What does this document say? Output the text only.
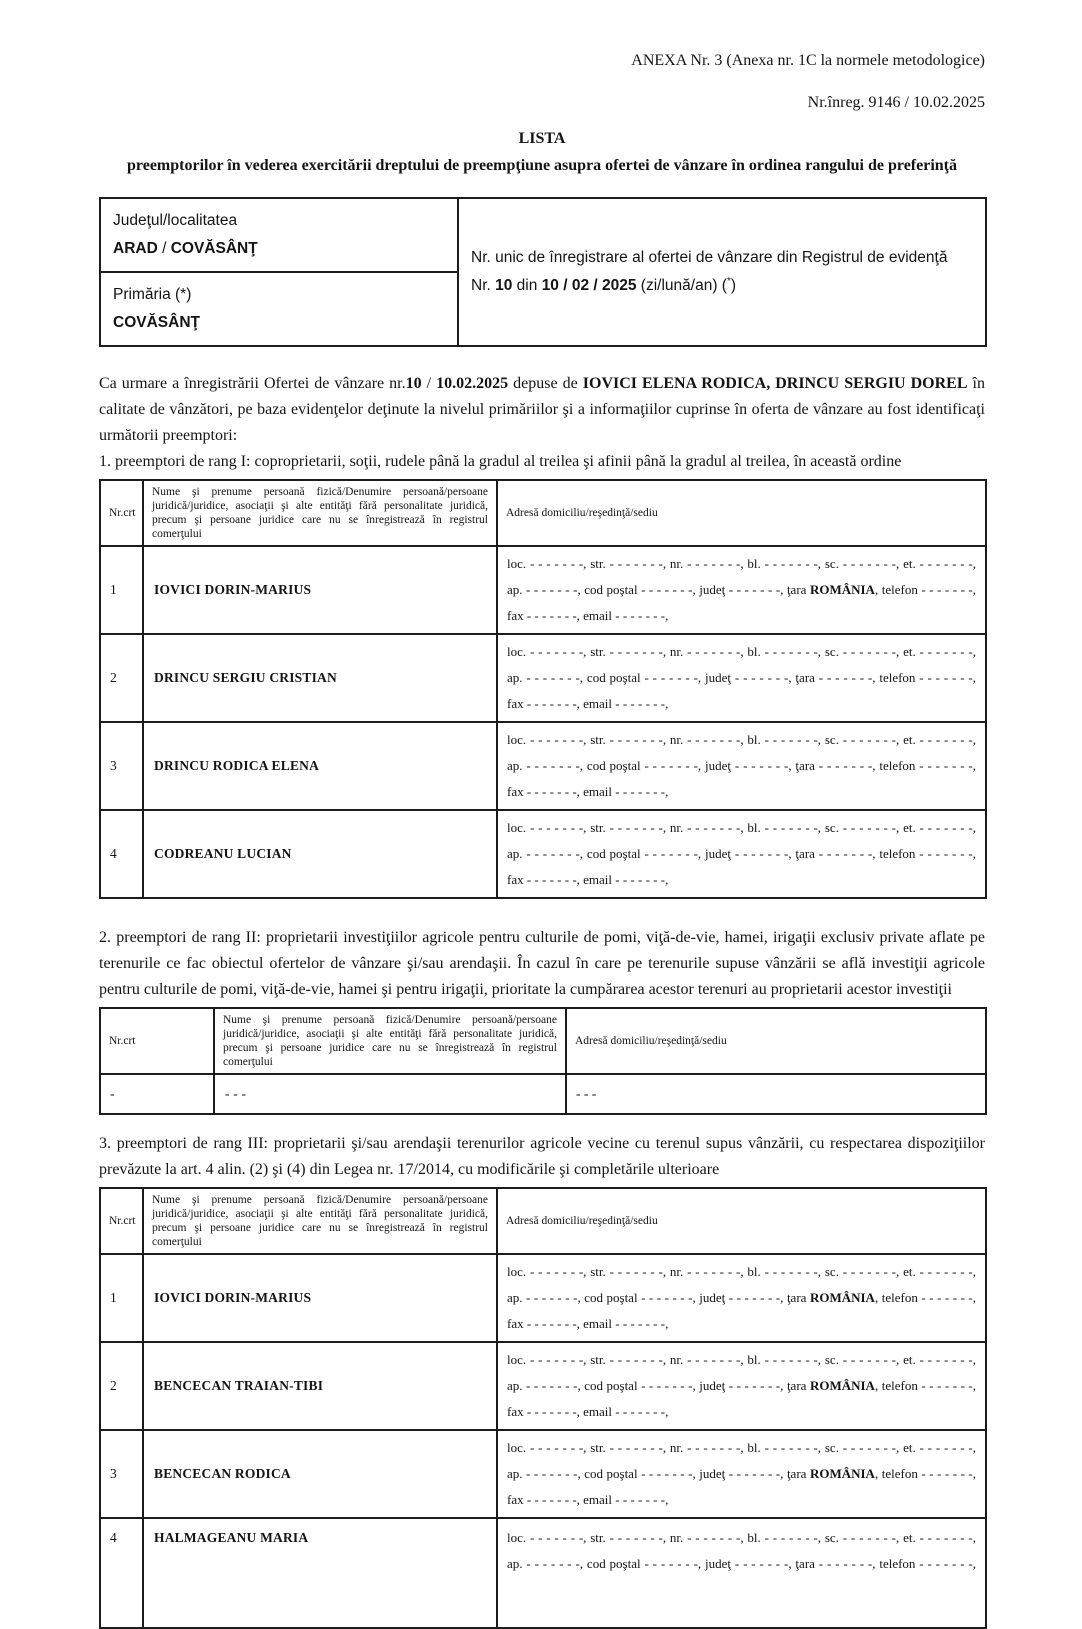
ANEXA Nr. 3 (Anexa nr. 1C la normele metodologice)

Nr.înreg. 9146 / 10.02.2025

LISTA

preemptorilor în vederea exercitării dreptului de preempţiune asupra ofertei de vânzare în ordinea rangului de preferinţă

Judeţul/localitatea
ARAD / COVĂSÂNŢ

Nr. unic de înregistrare al ofertei de vânzare din Registrul de evidenţă

Nr. 10 din 10 / 02 / 2025 (zi/lună/an) (*)

Primăria (*)
COVĂSÂNŢ

Ca urmare a înregistrării Ofertei de vânzare nr.10 / 10.02.2025 depuse de IOVICI ELENA RODICA, DRINCU SERGIU DOREL în calitate de vânzători, pe baza evidenţelor deţinute la nivelul primăriilor şi a informaţiilor cuprinse în oferta de vânzare au fost identificaţi următorii preemptori:

1. preemptori de rang I: coproprietarii, soţii, rudele până la gradul al treilea şi afinii până la gradul al treilea, în această ordine

Nr.crt	Nume şi prenume persoană fizică/Denumire persoană/persoane juridică/juridice, asociaţii şi alte entităţi fără personalitate juridică, precum şi persoane juridice care nu se înregistrează în registrul comerţului	Adresă domiciliu/reşedinţă/sediu
1	IOVICI DORIN-MARIUS	loc. - - - - - - -, str. - - - - - - -, nr. - - - - - - -, bl. - - - - - - -, sc. - - - - - - -, et. - - - - - - -,
ap. - - - - - - -, cod poştal - - - - - - -, judeţ - - - - - - -, ţara ROMÂNIA, telefon - - - - - - -,
fax - - - - - - -, email - - - - - - -,

2	DRINCU SERGIU CRISTIAN	loc. - - - - - - -, str. - - - - - - -, nr. - - - - - - -, bl. - - - - - - -, sc. - - - - - - -, et. - - - - - - -,
ap. - - - - - - -, cod poştal - - - - - - -, judeţ - - - - - - -, ţara - - - - - - -, telefon - - - - - - -,
fax - - - - - - -, email - - - - - - -,

3	DRINCU RODICA ELENA	loc. - - - - - - -, str. - - - - - - -, nr. - - - - - - -, bl. - - - - - - -, sc. - - - - - - -, et. - - - - - - -,
ap. - - - - - - -, cod poştal - - - - - - -, judeţ - - - - - - -, ţara - - - - - - -, telefon - - - - - - -,
fax - - - - - - -, email - - - - - - -,

4	CODREANU LUCIAN	loc. - - - - - - -, str. - - - - - - -, nr. - - - - - - -, bl. - - - - - - -, sc. - - - - - - -, et. - - - - - - -,
ap. - - - - - - -, cod poştal - - - - - - -, judeţ - - - - - - -, ţara - - - - - - -, telefon - - - - - - -,
fax - - - - - - -, email - - - - - - -,

2. preemptori de rang II: proprietarii investiţiilor agricole pentru culturile de pomi, viţă-de-vie, hamei, irigaţii exclusiv private aflate pe terenurile ce fac obiectul ofertelor de vânzare şi/sau arendaşii. În cazul în care pe terenurile supuse vânzării se află investiţii agricole pentru culturile de pomi, viţă-de-vie, hamei şi pentru irigaţii, prioritate la cumpărarea acestor terenuri au proprietarii acestor investiţii

Nr.crt	Nume şi prenume persoană fizică/Denumire persoană/persoane juridică/juridice, asociaţii şi alte entităţi fără personalitate juridică, precum şi persoane juridice care nu se înregistrează în registrul comerţului	Adresă domiciliu/reşedinţă/sediu
-	- - -	- - -

3. preemptori de rang III: proprietarii şi/sau arendaşii terenurilor agricole vecine cu terenul supus vânzării, cu respectarea dispoziţiilor prevăzute la art. 4 alin. (2) şi (4) din Legea nr. 17/2014, cu modificările şi completările ulterioare

Nr.crt	Nume şi prenume persoană fizică/Denumire persoană/persoane juridică/juridice, asociaţii şi alte entităţi fără personalitate juridică, precum şi persoane juridice care nu se înregistrează în registrul comerţului	Adresă domiciliu/reşedinţă/sediu
1	IOVICI DORIN-MARIUS	loc. - - - - - - -, str. - - - - - - -, nr. - - - - - - -, bl. - - - - - - -, sc. - - - - - - -, et. - - - - - - -,
ap. - - - - - - -, cod poştal - - - - - - -, judeţ - - - - - - -, ţara ROMÂNIA, telefon - - - - - - -,
fax - - - - - - -, email - - - - - - -,

2	BENCECAN TRAIAN-TIBI	loc. - - - - - - -, str. - - - - - - -, nr. - - - - - - -, bl. - - - - - - -, sc. - - - - - - -, et. - - - - - - -,
ap. - - - - - - -, cod poştal - - - - - - -, judeţ - - - - - - -, ţara ROMÂNIA, telefon - - - - - - -,
fax - - - - - - -, email - - - - - - -,

3	BENCECAN RODICA	loc. - - - - - - -, str. - - - - - - -, nr. - - - - - - -, bl. - - - - - - -, sc. - - - - - - -, et. - - - - - - -,
ap. - - - - - - -, cod poştal - - - - - - -, judeţ - - - - - - -, ţara ROMÂNIA, telefon - - - - - - -,
fax - - - - - - -, email - - - - - - -,

4	HALMAGEANU MARIA	loc. - - - - - - -, str. - - - - - - -, nr. - - - - - - -, bl. - - - - - - -, sc. - - - - - - -, et. - - - - - - -,
ap. - - - - - - -, cod poştal - - - - - - -, judeţ - - - - - - -, ţara - - - - - - -, telefon - - - - - - -,
